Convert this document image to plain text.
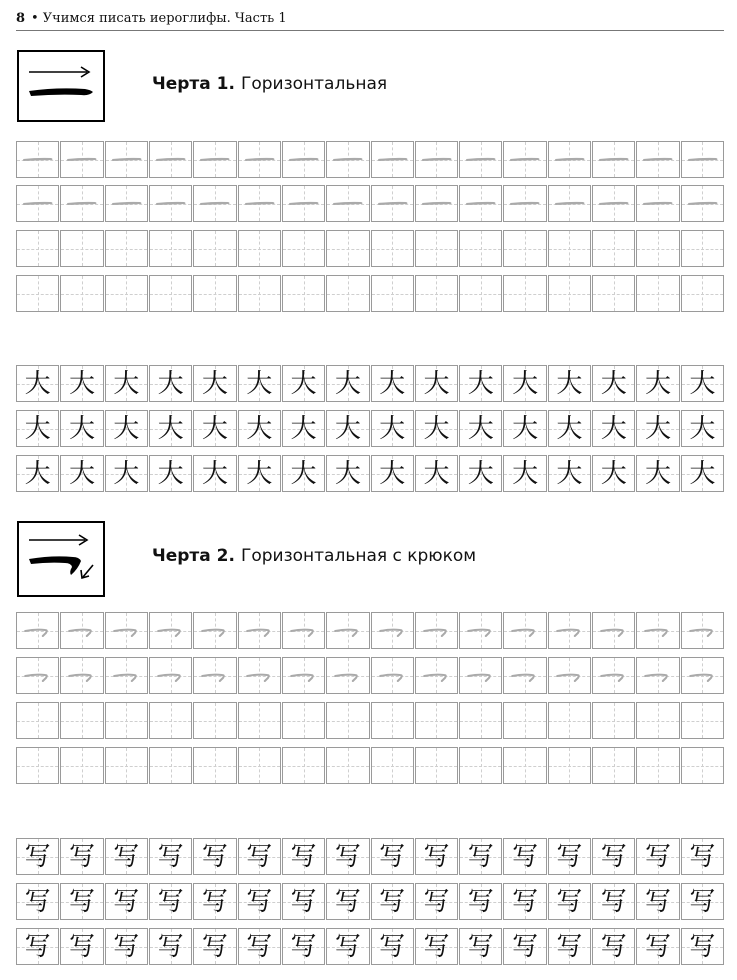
8 • Учимся писать иероглифы. Часть 1
Черта 1. Горизонтальная
大 大 大 大 大 大 大 大 大 大 大 大 大 大 大 大
大 大 大 大 大 大 大 大 大 大 大 大 大 大 大 大
大 大 大 大 大 大 大 大 大 大 大 大 大 大 大 大
Черта 2. Горизонтальная с крюком
写 写 写 写 写 写 写 写 写 写 写 写 写 写 写 写
写 写 写 写 写 写 写 写 写 写 写 写 写 写 写 写
写 写 写 写 写 写 写 写 写 写 写 写 写 写 写 写
